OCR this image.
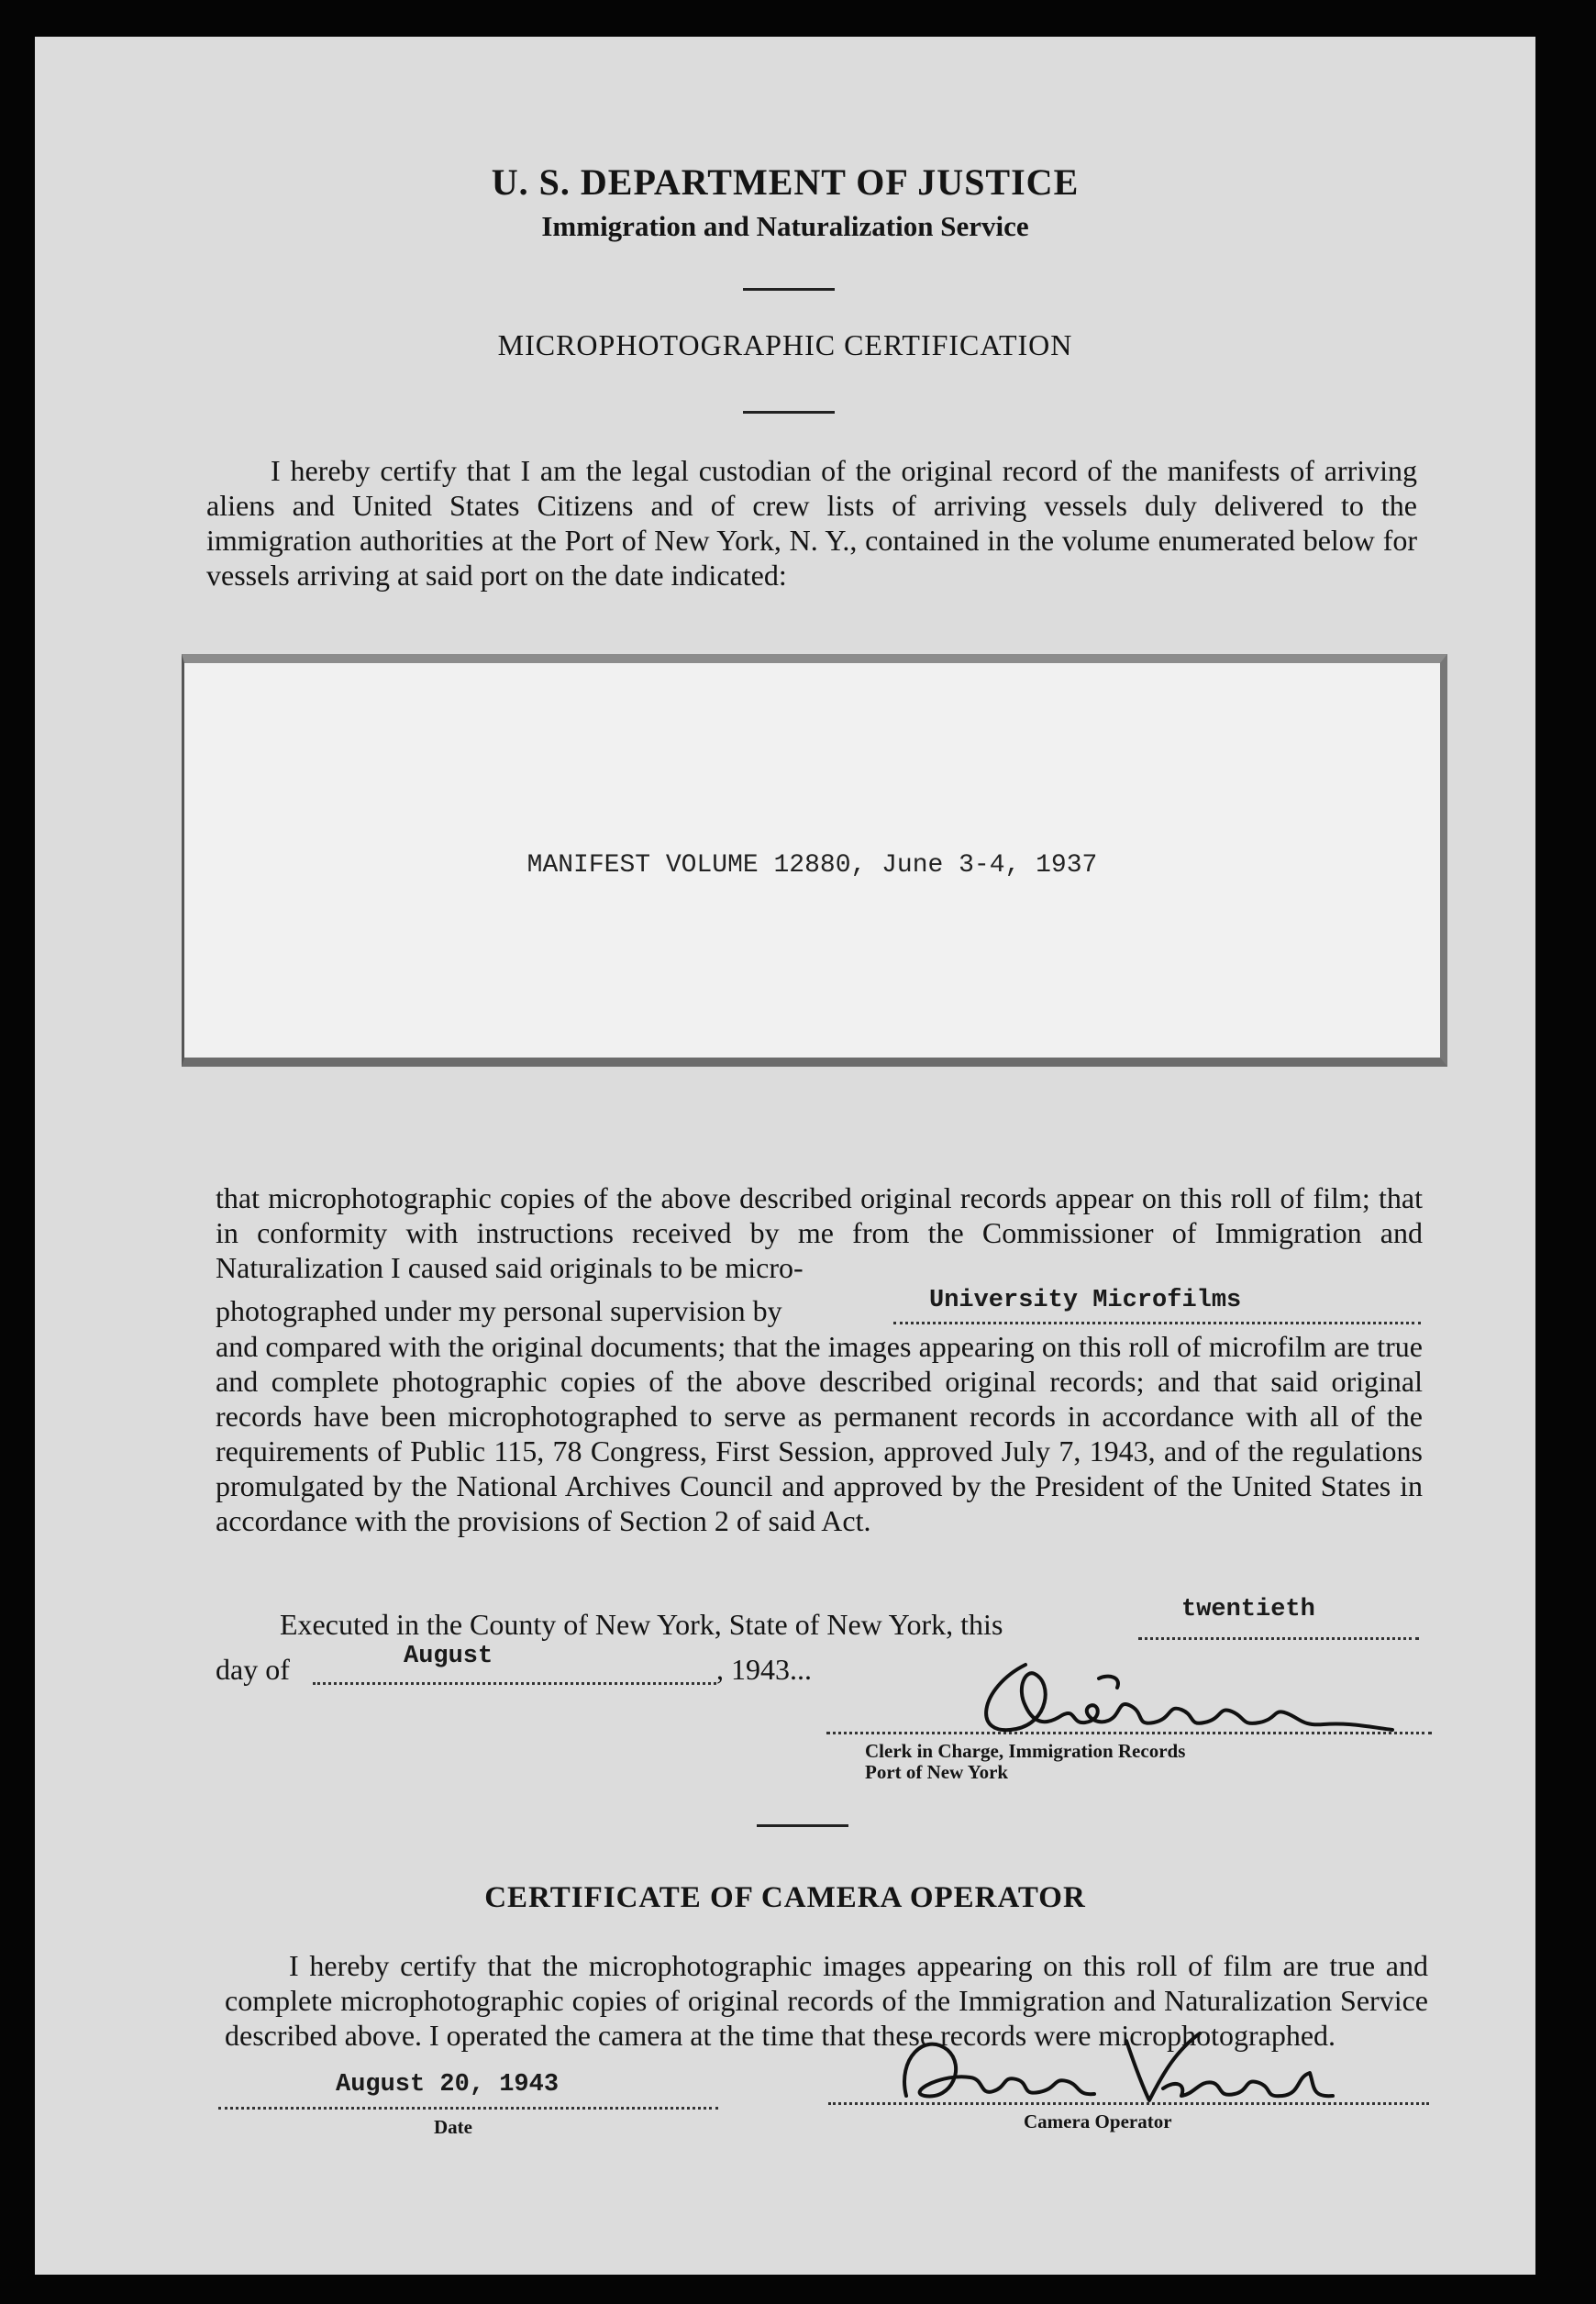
U. S. DEPARTMENT OF JUSTICE
Immigration and Naturalization Service
MICROPHOTOGRAPHIC CERTIFICATION
I hereby certify that I am the legal custodian of the original record of the manifests of arriving aliens and United States Citizens and of crew lists of arriving vessels duly delivered to the immigration authorities at the Port of New York, N. Y., contained in the volume enumerated below for vessels arriving at said port on the date indicated:
MANIFEST VOLUME 12880, June 3-4, 1937
that microphotographic copies of the above described original records appear on this roll of film; that in conformity with instructions received by me from the Commissioner of Immigration and Naturalization I caused said originals to be micro-
photographed under my personal supervision by	University Microfilms
and compared with the original documents; that the images appearing on this roll of microfilm are true and complete photographic copies of the above described original records; and that said original records have been microphotographed to serve as permanent records in accordance with all of the requirements of Public 115, 78 Congress, First Session, approved July 7, 1943, and of the regulations promulgated by the National Archives Council and approved by the President of the United States in accordance with the provisions of Section 2 of said Act.
Executed in the County of New York, State of New York, this	twentieth
day of	August	, 1943...
Clerk in Charge, Immigration Records
Port of New York
CERTIFICATE OF CAMERA OPERATOR
I hereby certify that the microphotographic images appearing on this roll of film are true and complete microphotographic copies of original records of the Immigration and Naturalization Service described above. I operated the camera at the time that these records were microphotographed.
August 20, 1943
Date	Camera Operator
